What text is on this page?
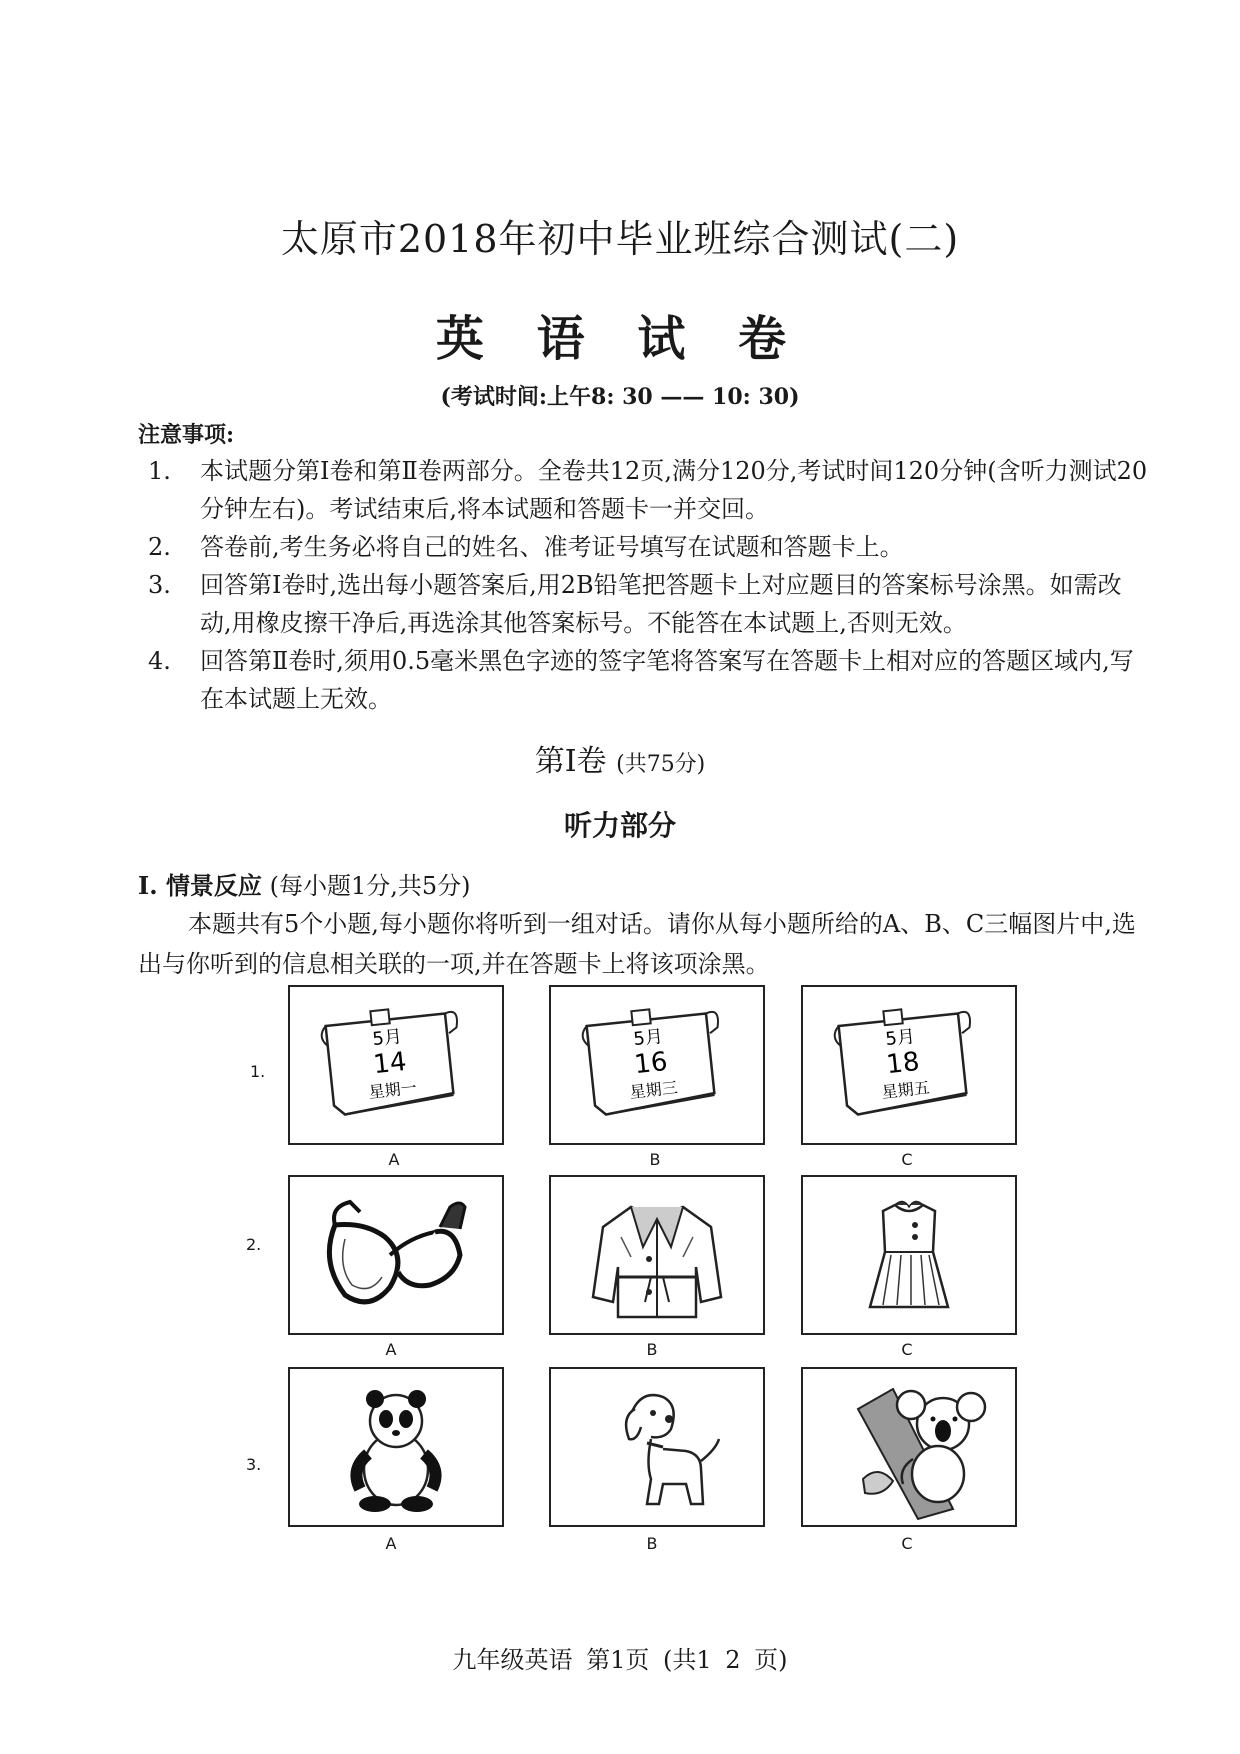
太原市2018年初中毕业班综合测试(二)
英 语 试 卷
(考试时间:上午8: 30 —— 10: 30)
注意事项:
1.	本试题分第Ⅰ卷和第Ⅱ卷两部分。全卷共12页,满分120分,考试时间120分钟(含听力测试20分钟左右)。考试结束后,将本试题和答题卡一并交回。
2.	答卷前,考生务必将自己的姓名、准考证号填写在试题和答题卡上。
3.	回答第Ⅰ卷时,选出每小题答案后,用2B铅笔把答题卡上对应题目的答案标号涂黑。如需改动,用橡皮擦干净后,再选涂其他答案标号。不能答在本试题上,否则无效。
4.	回答第Ⅱ卷时,须用0.5毫米黑色字迹的签字笔将答案写在答题卡上相对应的答题区域内,写在本试题上无效。
第Ⅰ卷 (共75分)
听力部分
Ⅰ. 情景反应 (每小题1分,共5分)
本题共有5个小题,每小题你将听到一组对话。请你从每小题所给的A、B、C三幅图片中,选出与你听到的信息相关联的一项,并在答题卡上将该项涂黑。
1.
5月
14
星期一
A
5月
16
星期三
B
5月
18
星期五
C
2.
A	B	C
3.
A	B	C
九年级英语 第1页 (共1 2 页)
